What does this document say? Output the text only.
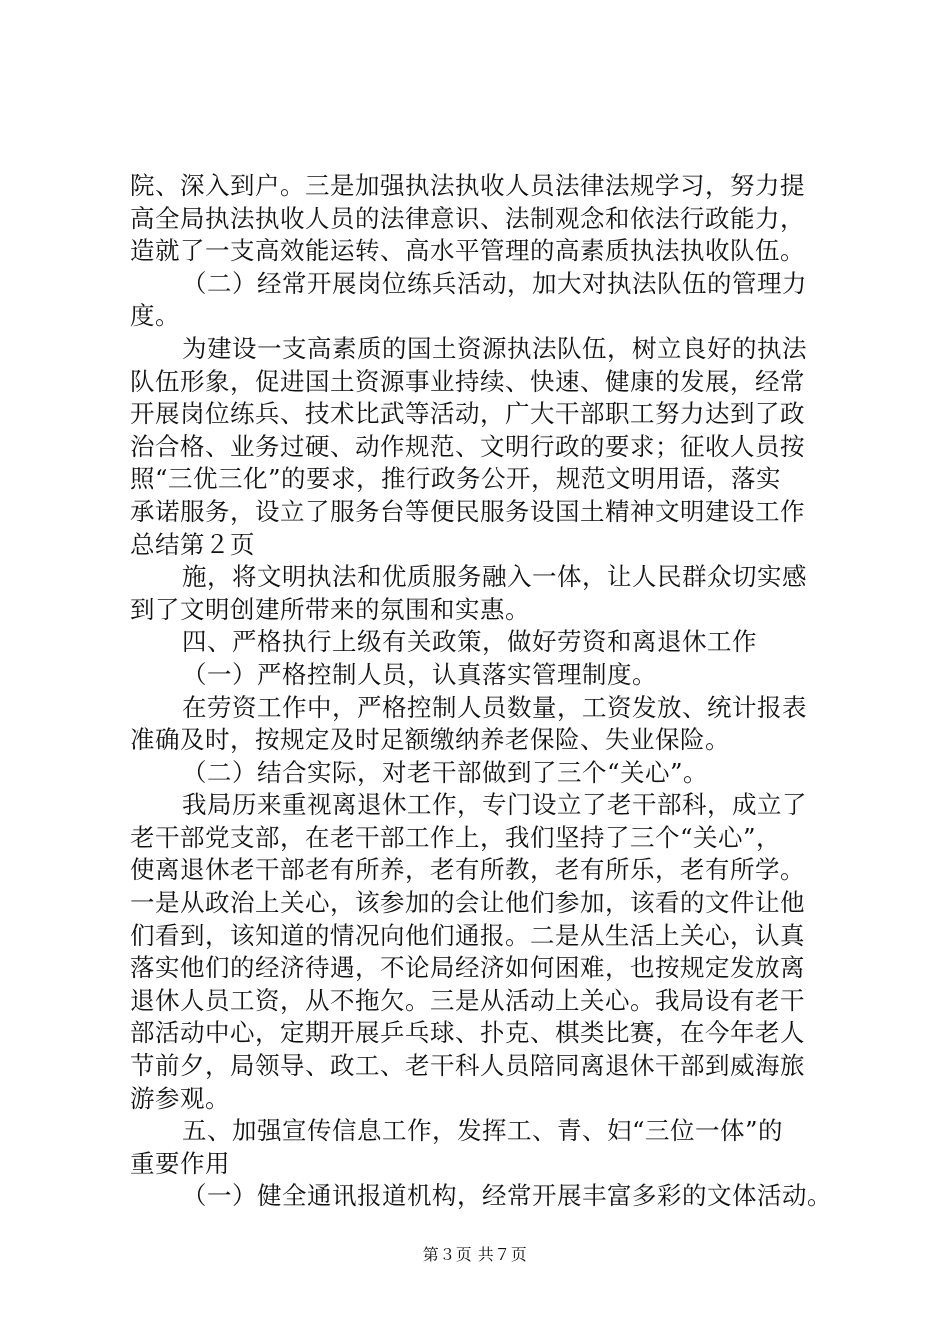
院、深入到户。三是加强执法执收人员法律法规学习，努力提
高全局执法执收人员的法律意识、法制观念和依法行政能力，
造就了一支高效能运转、高水平管理的高素质执法执收队伍。
（二）经常开展岗位练兵活动，加大对执法队伍的管理力
度。
为建设一支高素质的国土资源执法队伍，树立良好的执法
队伍形象，促进国土资源事业持续、快速、健康的发展，经常
开展岗位练兵、技术比武等活动，广大干部职工努力达到了政
治合格、业务过硬、动作规范、文明行政的要求；征收人员按
照“三优三化”的要求，推行政务公开，规范文明用语，落实
承诺服务，设立了服务台等便民服务设国土精神文明建设工作
总结第２页
施，将文明执法和优质服务融入一体，让人民群众切实感
到了文明创建所带来的氛围和实惠。
四、严格执行上级有关政策，做好劳资和离退休工作
（一）严格控制人员，认真落实管理制度。
在劳资工作中，严格控制人员数量，工资发放、统计报表
准确及时，按规定及时足额缴纳养老保险、失业保险。
（二）结合实际，对老干部做到了三个“关心”。
我局历来重视离退休工作，专门设立了老干部科，成立了
老干部党支部，在老干部工作上，我们坚持了三个“关心”，
使离退休老干部老有所养，老有所教，老有所乐，老有所学。
一是从政治上关心，该参加的会让他们参加，该看的文件让他
们看到，该知道的情况向他们通报。二是从生活上关心，认真
落实他们的经济待遇，不论局经济如何困难，也按规定发放离
退休人员工资，从不拖欠。三是从活动上关心。我局设有老干
部活动中心，定期开展乒乓球、扑克、棋类比赛，在今年老人
节前夕，局领导、政工、老干科人员陪同离退休干部到威海旅
游参观。
五、加强宣传信息工作，发挥工、青、妇“三位一体”的
重要作用
（一）健全通讯报道机构，经常开展丰富多彩的文体活动。
第３页 共７页
